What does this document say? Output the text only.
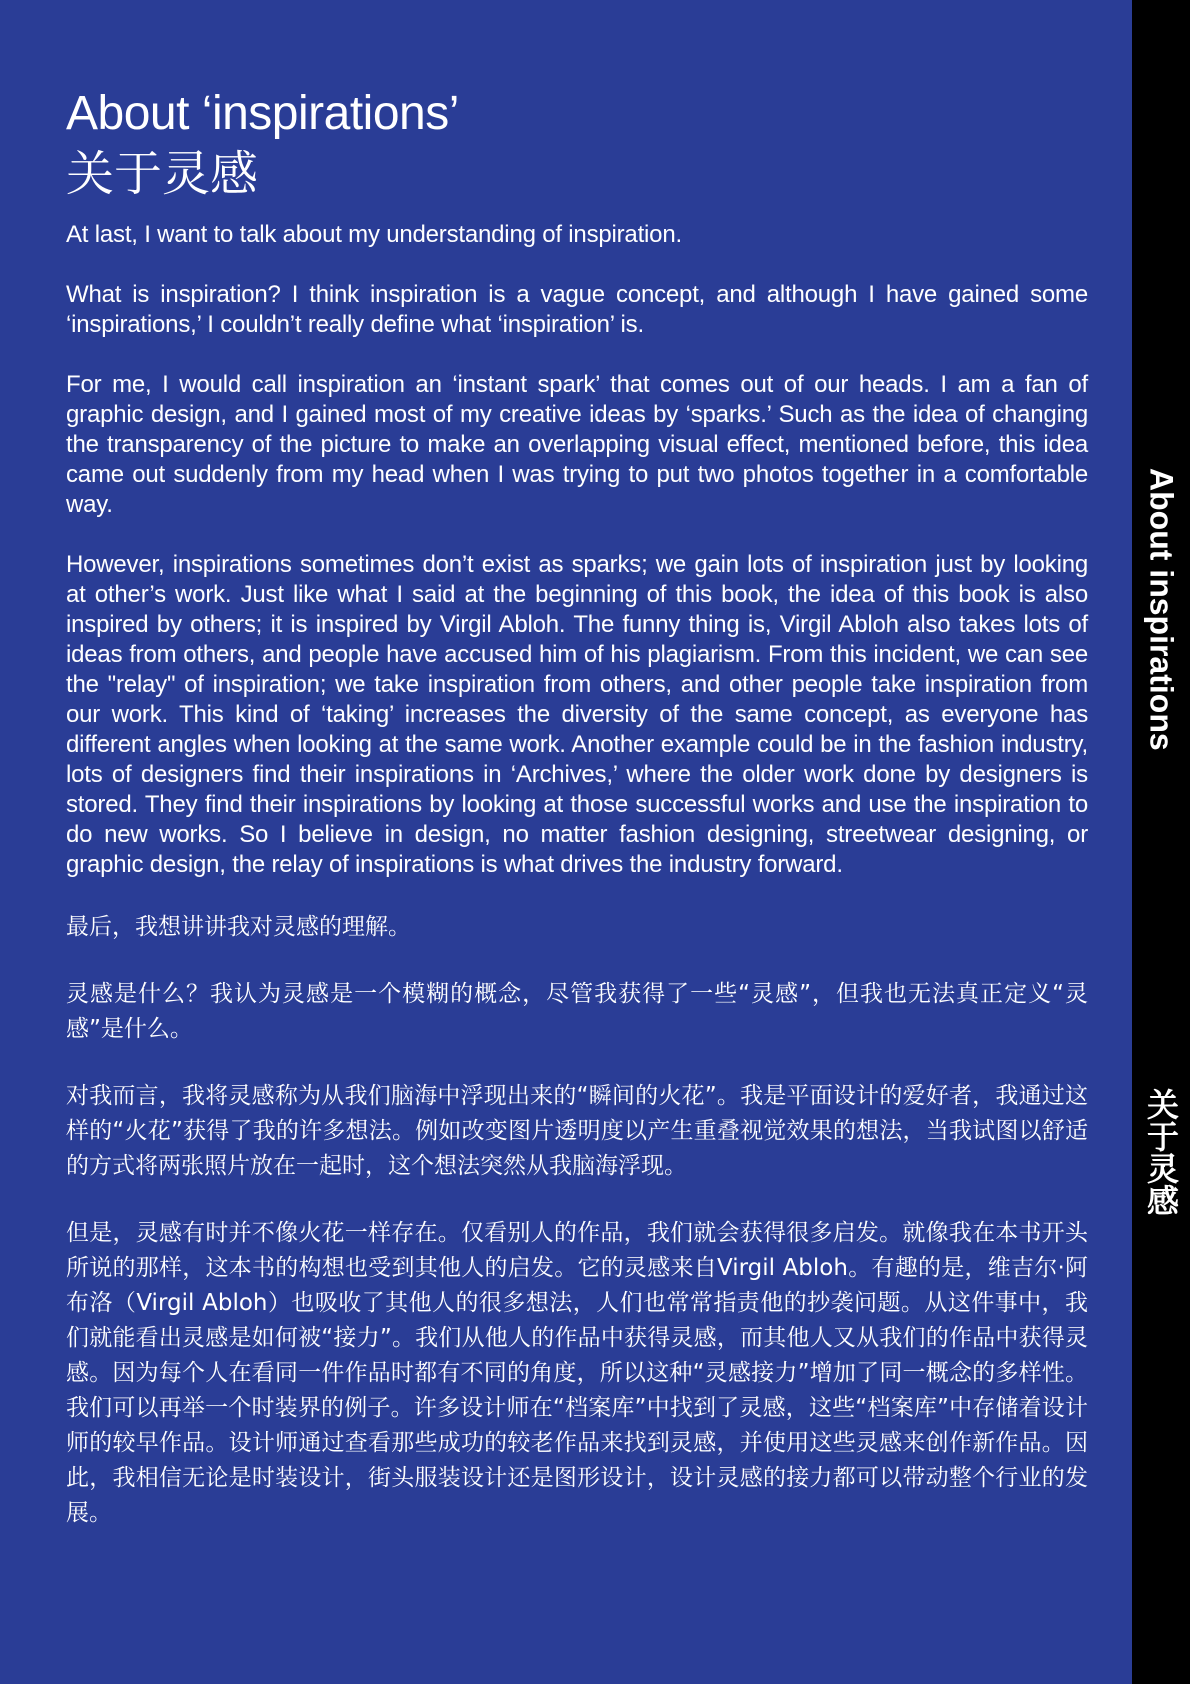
About ‘inspirations’
关于灵感

At last, I want to talk about my understanding of inspiration.

What is inspiration? I think inspiration is a vague concept, and although I have gained some ‘inspirations,’ I couldn’t really define what ‘inspiration’ is.

For me, I would call inspiration an ‘instant spark’ that comes out of our heads. I am a fan of graphic design, and I gained most of my creative ideas by ‘sparks.’ Such as the idea of changing the transparency of the picture to make an overlapping visual effect, mentioned before, this idea came out suddenly from my head when I was trying to put two photos together in a comfortable way.

However, inspirations sometimes don’t exist as sparks; we gain lots of inspiration just by looking at other’s work. Just like what I said at the beginning of this book, the idea of this book is also inspired by others; it is inspired by Virgil Abloh. The funny thing is, Virgil Abloh also takes lots of ideas from others, and people have accused him of his plagiarism. From this incident, we can see the "relay" of inspiration; we take inspiration from others, and other people take inspiration from our work. This kind of ‘taking’ increases the diversity of the same concept, as everyone has different angles when looking at the same work. Another example could be in the fashion industry, lots of designers find their inspirations in ‘Archives,’ where the older work done by designers is stored. They find their inspirations by looking at those successful works and use the inspiration to do new works. So I believe in design, no matter fashion designing, streetwear designing, or graphic design, the relay of inspirations is what drives the industry forward.

最后，我想讲讲我对灵感的理解。

灵感是什么？我认为灵感是一个模糊的概念，尽管我获得了一些“灵感”，但我也无法真正定义“灵感”是什么。

对我而言，我将灵感称为从我们脑海中浮现出来的“瞬间的火花”。我是平面设计的爱好者，我通过这样的“火花”获得了我的许多想法。例如改变图片透明度以产生重叠视觉效果的想法，当我试图以舒适的方式将两张照片放在一起时，这个想法突然从我脑海浮现。

但是，灵感有时并不像火花一样存在。仅看别人的作品，我们就会获得很多启发。就像我在本书开头所说的那样，这本书的构想也受到其他人的启发。它的灵感来自Virgil Abloh。有趣的是，维吉尔·阿布洛（Virgil Abloh）也吸收了其他人的很多想法，人们也常常指责他的抄袭问题。从这件事中，我们就能看出灵感是如何被“接力”。我们从他人的作品中获得灵感，而其他人又从我们的作品中获得灵感。因为每个人在看同一件作品时都有不同的角度，所以这种“灵感接力”增加了同一概念的多样性。我们可以再举一个时装界的例子。许多设计师在“档案库”中找到了灵感，这些“档案库”中存储着设计师的较早作品。设计师通过查看那些成功的较老作品来找到灵感，并使用这些灵感来创作新作品。因此，我相信无论是时装设计，街头服装设计还是图形设计，设计灵感的接力都可以带动整个行业的发展。

About inspirations
关于灵感
